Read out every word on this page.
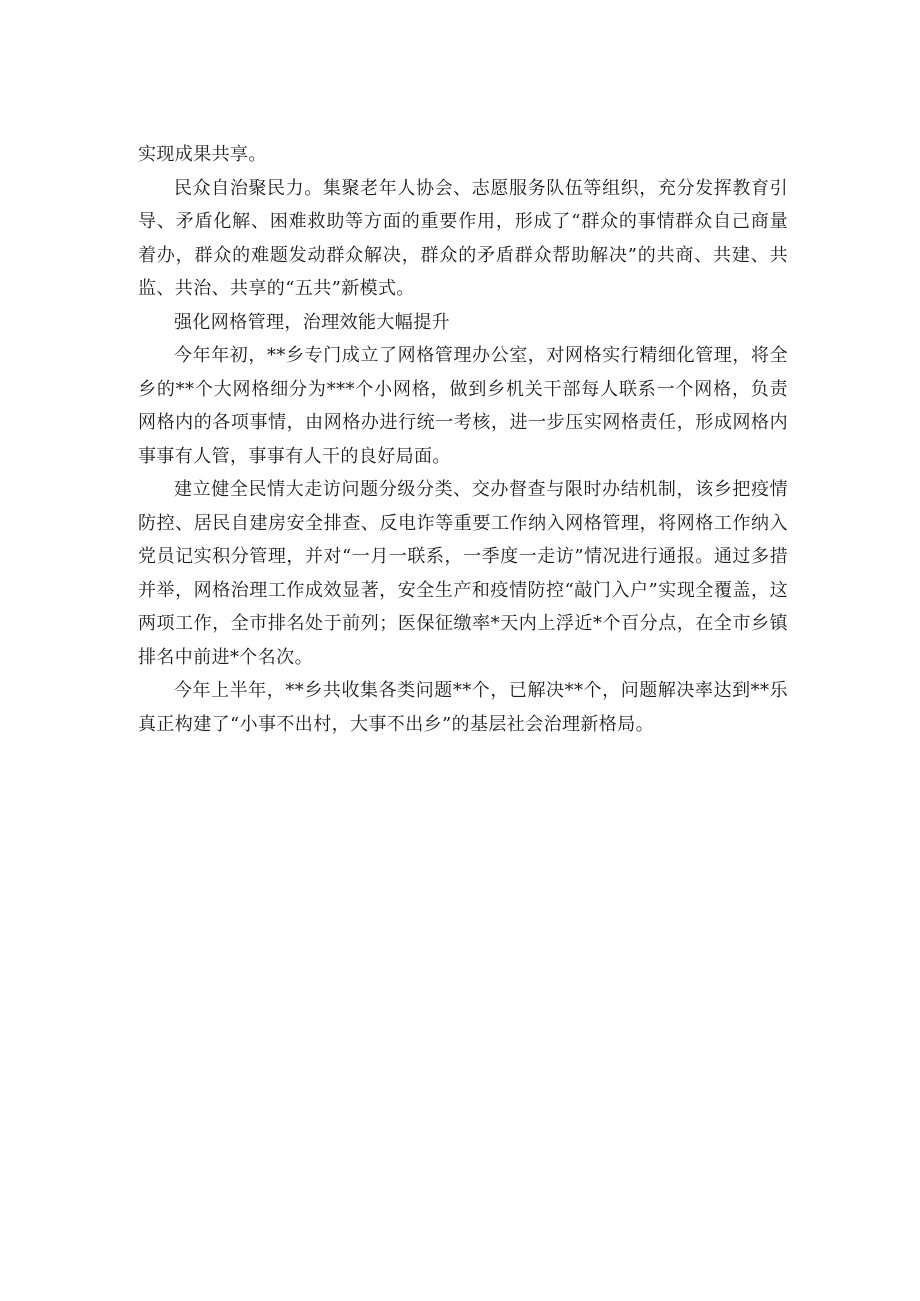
实现成果共享。

民众自治聚民力。集聚老年人协会、志愿服务队伍等组织，充分发挥教育引导、矛盾化解、困难救助等方面的重要作用，形成了“群众的事情群众自己商量着办，群众的难题发动群众解决，群众的矛盾群众帮助解决”的共商、共建、共监、共治、共享的“五共”新模式。

强化网格管理，治理效能大幅提升

今年年初，**乡专门成立了网格管理办公室，对网格实行精细化管理，将全乡的**个大网格细分为***个小网格，做到乡机关干部每人联系一个网格，负责网格内的各项事情，由网格办进行统一考核，进一步压实网格责任，形成网格内事事有人管，事事有人干的良好局面。

建立健全民情大走访问题分级分类、交办督查与限时办结机制，该乡把疫情防控、居民自建房安全排查、反电诈等重要工作纳入网格管理，将网格工作纳入党员记实积分管理，并对“一月一联系，一季度一走访”情况进行通报。通过多措并举，网格治理工作成效显著，安全生产和疫情防控“敲门入户”实现全覆盖，这两项工作，全市排名处于前列；医保征缴率*天内上浮近*个百分点，在全市乡镇排名中前进*个名次。

今年上半年，**乡共收集各类问题**个，已解决**个，问题解决率达到**乐真正构建了“小事不出村，大事不出乡”的基层社会治理新格局。
